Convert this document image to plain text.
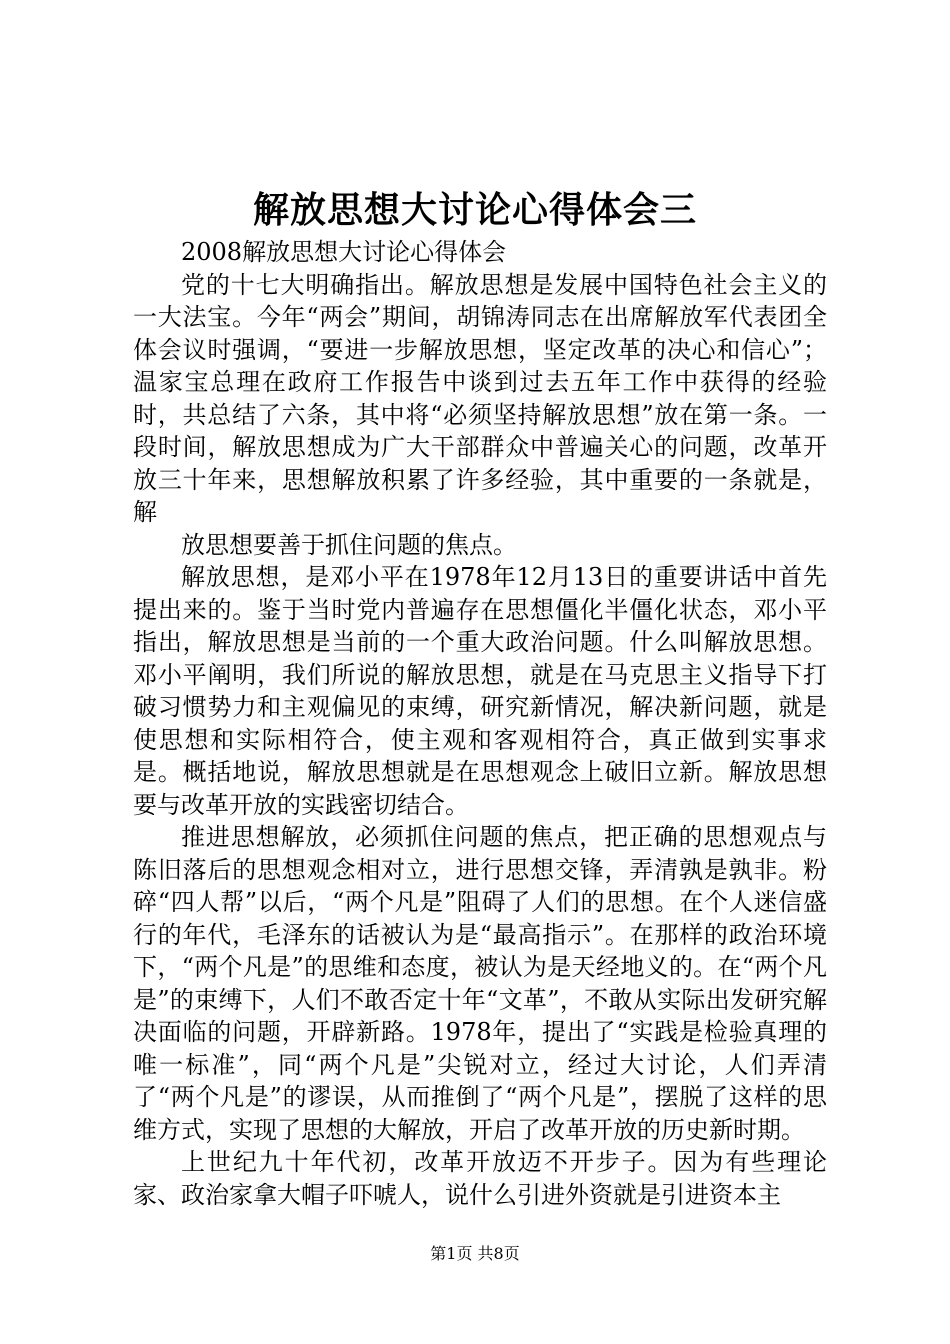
解放思想大讨论心得体会三

2008解放思想大讨论心得体会

党的十七大明确指出。解放思想是发展中国特色社会主义的一大法宝。今年“两会”期间，胡锦涛同志在出席解放军代表团全体会议时强调，“要进一步解放思想，坚定改革的决心和信心”；温家宝总理在政府工作报告中谈到过去五年工作中获得的经验时，共总结了六条，其中将“必须坚持解放思想”放在第一条。一段时间，解放思想成为广大干部群众中普遍关心的问题，改革开放三十年来，思想解放积累了许多经验，其中重要的一条就是，解

放思想要善于抓住问题的焦点。

解放思想，是邓小平在1978年12月13日的重要讲话中首先提出来的。鉴于当时党内普遍存在思想僵化半僵化状态，邓小平指出，解放思想是当前的一个重大政治问题。什么叫解放思想。邓小平阐明，我们所说的解放思想，就是在马克思主义指导下打破习惯势力和主观偏见的束缚，研究新情况，解决新问题，就是使思想和实际相符合，使主观和客观相符合，真正做到实事求是。概括地说，解放思想就是在思想观念上破旧立新。解放思想要与改革开放的实践密切结合。

推进思想解放，必须抓住问题的焦点，把正确的思想观点与陈旧落后的思想观念相对立，进行思想交锋，弄清孰是孰非。粉碎“四人帮”以后，“两个凡是”阻碍了人们的思想。在个人迷信盛行的年代，毛泽东的话被认为是“最高指示”。在那样的政治环境下，“两个凡是”的思维和态度，被认为是天经地义的。在“两个凡是”的束缚下，人们不敢否定十年“文革”，不敢从实际出发研究解决面临的问题，开辟新路。1978年，提出了“实践是检验真理的唯一标准”，同“两个凡是”尖锐对立，经过大讨论，人们弄清了“两个凡是”的谬误，从而推倒了“两个凡是”，摆脱了这样的思维方式，实现了思想的大解放，开启了改革开放的历史新时期。

上世纪九十年代初，改革开放迈不开步子。因为有些理论家、政治家拿大帽子吓唬人，说什么引进外资就是引进资本主

第1页 共8页
